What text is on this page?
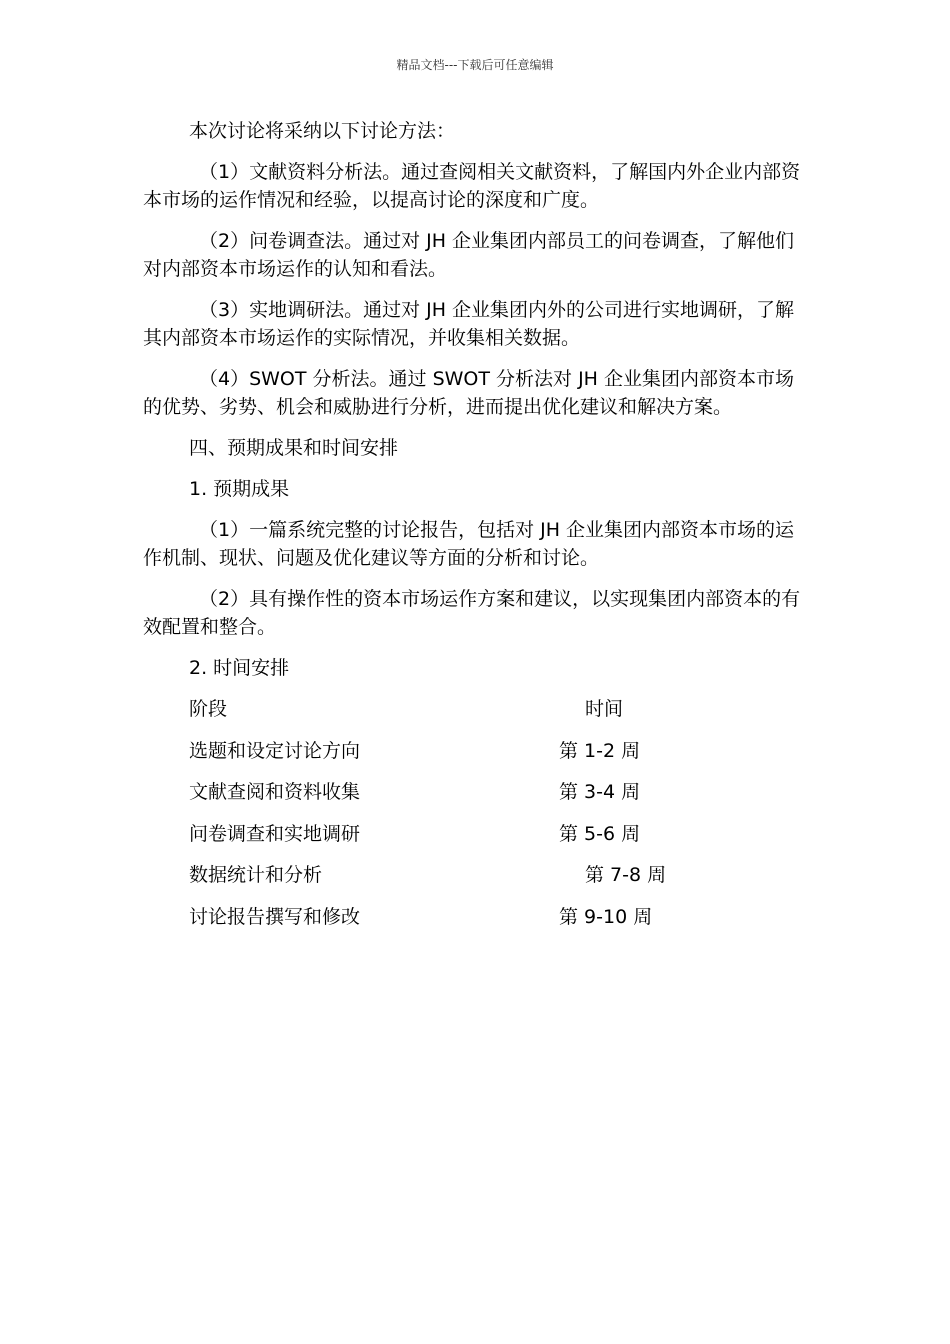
精品文档---下载后可任意编辑

本次讨论将采纳以下讨论方法：

（1）文献资料分析法。通过查阅相关文献资料，了解国内外企业内部资本市场的运作情况和经验，以提高讨论的深度和广度。

（2）问卷调查法。通过对 JH 企业集团内部员工的问卷调查，了解他们对内部资本市场运作的认知和看法。

（3）实地调研法。通过对 JH 企业集团内外的公司进行实地调研，了解其内部资本市场运作的实际情况，并收集相关数据。

（4）SWOT 分析法。通过 SWOT 分析法对 JH 企业集团内部资本市场的优势、劣势、机会和威胁进行分析，进而提出优化建议和解决方案。

四、预期成果和时间安排

1. 预期成果

（1）一篇系统完整的讨论报告，包括对 JH 企业集团内部资本市场的运作机制、现状、问题及优化建议等方面的分析和讨论。

（2）具有操作性的资本市场运作方案和建议，以实现集团内部资本的有效配置和整合。

2. 时间安排

阶段	时间
选题和设定讨论方向	第 1-2 周
文献查阅和资料收集	第 3-4 周
问卷调查和实地调研	第 5-6 周
数据统计和分析	第 7-8 周
讨论报告撰写和修改	第 9-10 周
